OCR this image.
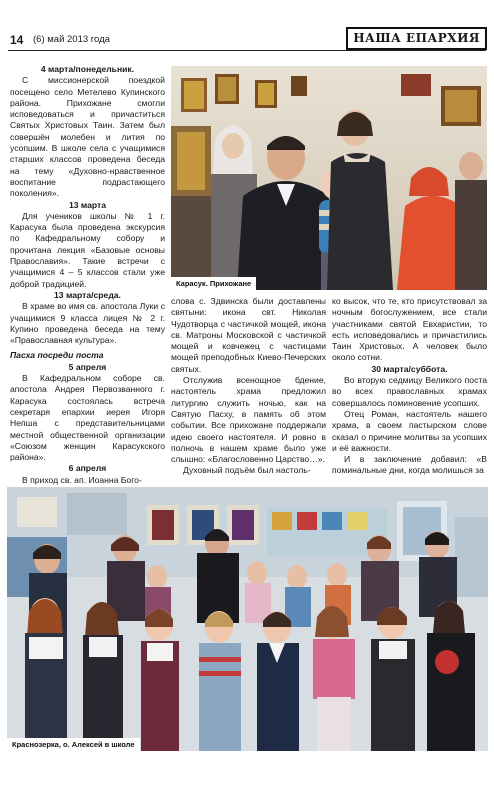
14 (6) май 2013 года	НАША ЕПАРХИЯ

4 марта/понедельник.

С миссионерской поездкой посещено село Метелево Купинского района. Прихожане смогли исповедоваться и причаститься Святых Христовых Таин. Затем был совершён молебен и лития по усопшим. В школе села с учащимися старших классов проведена беседа на тему «Духовно-нравственное воспитание подрастающего поколения».

13 марта

Для учеников школы № 1 г. Карасука была проведена экскурсия по Кафедральному собору и прочитана лекция «Базовые основы Православия». Такие встречи с учащимися 4 – 5 классов стали уже доброй традицией.

13 марта/среда.

В храме во имя св. апостола Луки с учащимися 9 класса лицея № 2 г. Купино проведена беседа на тему «Православная культура».

Пасха посреди поста

5 апреля

В Кафедральном соборе св. апостола Андрея Первозванного г. Карасука состоялась встреча секретаря епархии иерея Игоря Непша с представительницами местной общественной организации «Союзом женщин Карасукского района».

6 апреля

В приход св. ап. Иоанна Бого-

Карасук. Прихожане

слова с. Здвинска были доставлены святыни: икона свт. Николая Чудотворца с частичкой мощей, икона св. Матроны Московской с частичкой мощей и ковчежец с частицами мощей преподобных Киево-Печерских святых.

Отслужив всенощное бдение, настоятель храма предложил литургию служить ночью, как на Святую Пасху, в память об этом событии. Все прихожане поддержали идею своего настоятеля. И ровно в полночь в нашем храме было уже слышно: «Благословенно Царство…».

Духовный подъём был настоль-

ко высок, что те, кто присутствовал за ночным богослужением, все стали участниками святой Евхаристии, то есть исповедовались и причастились Таин Христовых. А человек было около сотни.

30 марта/суббота.

Во вторую седмицу Великого поста во всех православных храмах совершалось поминовение усопших.

Отец Роман, настоятель нашего храма, в своем пастырском слове сказал о причине молитвы за усопших и её важности.

И в заключение добавил: «В поминальные дни, когда молишься за

Краснозерка, о. Алексей в школе
